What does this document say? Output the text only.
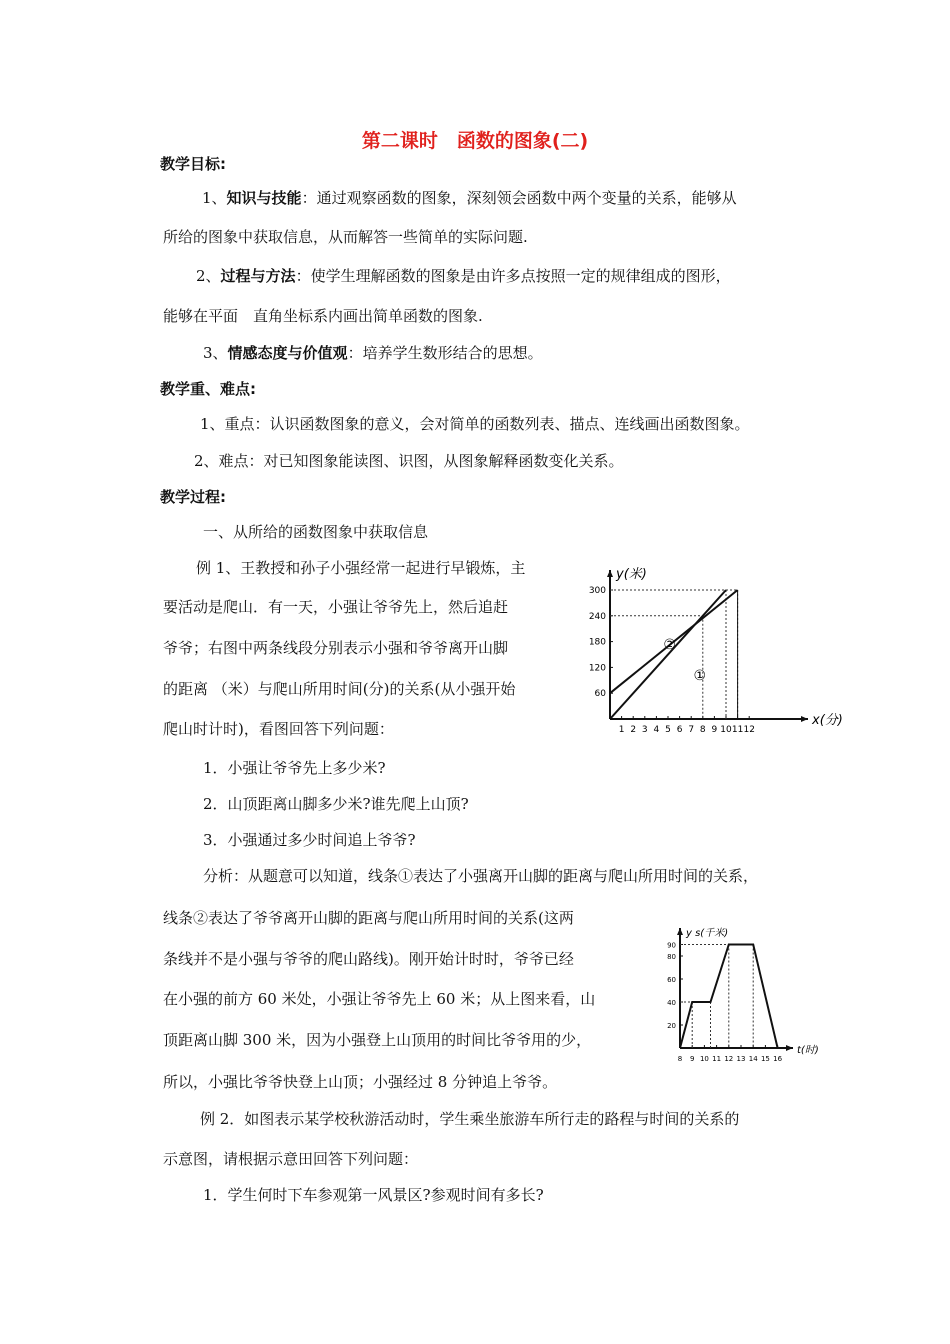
第二课时　函数的图象(二)
教学目标:
1、知识与技能：通过观察函数的图象，深刻领会函数中两个变量的关系，能够从
所给的图象中获取信息，从而解答一些简单的实际问题.
2、过程与方法：使学生理解函数的图象是由许多点按照一定的规律组成的图形，
能够在平面　直角坐标系内画出简单函数的图象.
3、情感态度与价值观：培养学生数形结合的思想。
教学重、难点:
1、重点：认识函数图象的意义，会对简单的函数列表、描点、连线画出函数图象。
2、难点：对已知图象能读图、识图，从图象解释函数变化关系。
教学过程:
一、从所给的函数图象中获取信息
例 1、王教授和孙子小强经常一起进行早锻炼，主
要活动是爬山．有一天，小强让爷爷先上，然后追赶
爷爷；右图中两条线段分别表示小强和爷爷离开山脚
的距离 （米）与爬山所用时间(分)的关系(从小强开始
爬山时计时)，看图回答下列问题：
1．小强让爷爷先上多少米?
2．山顶距离山脚多少米?谁先爬上山顶?
3．小强通过多少时间追上爷爷?
分析：从题意可以知道，线条①表达了小强离开山脚的距离与爬山所用时间的关系，
线条②表达了爷爷离开山脚的距离与爬山所用时间的关系(这两
条线并不是小强与爷爷的爬山路线)。刚开始计时时，爷爷已经
在小强的前方 60 米处，小强让爷爷先上 60 米；从上图来看，山
顶距离山脚 300 米，因为小强登上山顶用的时间比爷爷用的少，
所以，小强比爷爷快登上山顶；小强经过 8 分钟追上爷爷。
例 2．如图表示某学校秋游活动时，学生乘坐旅游车所行走的路程与时间的关系的
示意图，请根据示意田回答下列问题：
1．学生何时下车参观第一风景区?参观时间有多长?
1 2 3 4 5 6 7 8 9 10 11 12
60
120
180
240
300
x(分)
y(米)
①
②
8 9 10 11 12 13 14 15 16
20
40
60
80
90
t(时)
y s(千米)
